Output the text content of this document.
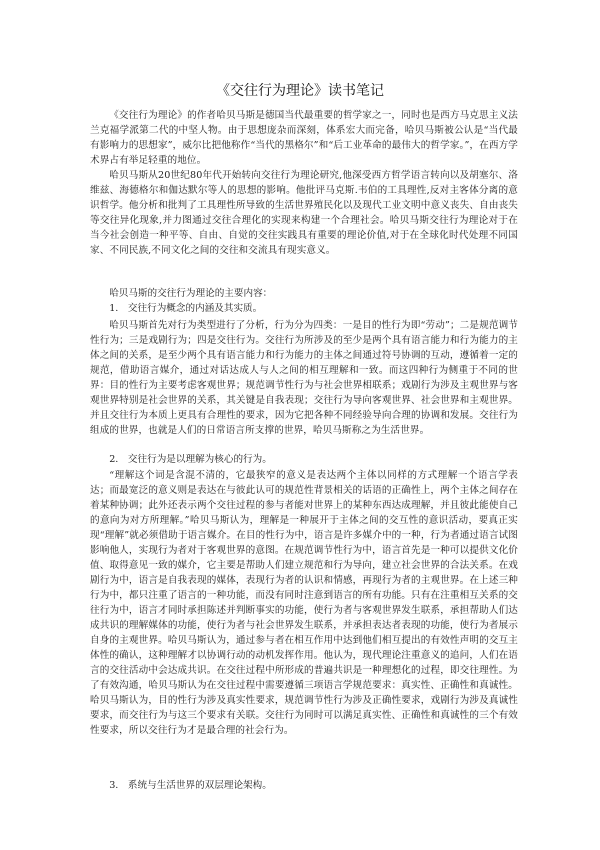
《交往行为理论》读书笔记

《交往行为理论》的作者哈贝马斯是德国当代最重要的哲学家之一，同时也是西方马克思主义法兰克福学派第二代的中坚人物。由于思想庞杂而深刻，体系宏大而完备，哈贝马斯被公认是“当代最有影响力的思想家”，威尔比把他称作“当代的黑格尔”和“后工业革命的最伟大的哲学家。”，在西方学术界占有举足轻重的地位。

哈贝马斯从20世纪80年代开始转向交往行为理论研究,他深受西方哲学语言转向以及胡塞尔、洛维兹、海德格尔和伽达默尔等人的思想的影响。他批评马克斯.韦伯的工具理性,反对主客体分离的意识哲学。他分析和批判了工具理性所导致的生活世界殖民化以及现代工业文明中意义丧失、自由丧失等交往异化现象,并力图通过交往合理化的实现来构建一个合理社会。哈贝马斯交往行为理论对于在当今社会创造一种平等、自由、自觉的交往实践具有重要的理论价值,对于在全球化时代处理不同国家、不同民族,不同文化之间的交往和交流具有现实意义。

哈贝马斯的交往行为理论的主要内容：

1.　交往行为概念的内涵及其实质。

哈贝马斯首先对行为类型进行了分析，行为分为四类：一是目的性行为即“劳动”；二是规范调节性行为；三是戏剧行为；四是交往行为。交往行为所涉及的至少是两个具有语言能力和行为能力的主体之间的关系，是至少两个具有语言能力和行为能力的主体之间通过符号协调的互动，遵循着一定的规范，借助语言媒介，通过对话达成人与人之间的相互理解和一致。而这四种行为侧重于不同的世界：目的性行为主要考虑客观世界；规范调节性行为与社会世界相联系；戏剧行为涉及主观世界与客观世界特别是社会世界的关系，其关键是自我表现；交往行为导向客观世界、社会世界和主观世界。并且交往行为本质上更具有合理性的要求，因为它把各种不同经验导向合理的协调和发展。交往行为组成的世界，也就是人们的日常语言所支撑的世界，哈贝马斯称之为生活世界。

2.　交往行为是以理解为核心的行为。

“理解这个词是含混不清的，它最狭窄的意义是表达两个主体以同样的方式理解一个语言学表达；而最宽泛的意义则是表达在与彼此认可的规范性背景相关的话语的正确性上，两个主体之间存在着某种协调；此外还表示两个交往过程的参与者能对世界上的某种东西达成理解，并且彼此能使自己的意向为对方所理解。”哈贝马斯认为，理解是一种展开于主体之间的交互性的意识活动，要真正实现“理解”就必须借助于语言媒介。在目的性行为中，语言是许多媒介中的一种，行为者通过语言试图影响他人，实现行为者对于客观世界的意图。在规范调节性行为中，语言首先是一种可以提供文化价值、取得意见一致的媒介，它主要是帮助人们建立规范和行为导向，建立社会世界的合法关系。在戏剧行为中，语言是自我表现的媒体，表现行为者的认识和情感，再现行为者的主观世界。在上述三种行为中，都只注重了语言的一种功能，而没有同时注意到语言的所有功能。只有在注重相互关系的交往行为中，语言才同时承担陈述并判断事实的功能，使行为者与客观世界发生联系，承担帮助人们达成共识的理解媒体的功能，使行为者与社会世界发生联系，并承担表达者表现的功能，使行为者展示自身的主观世界。哈贝马斯认为，通过参与者在相互作用中达到他们相互提出的有效性声明的交互主体性的确认，这种理解才以协调行动的动机发挥作用。他认为，现代理论注重意义的追问，人们在语言的交往活动中会达成共识。在交往过程中所形成的普遍共识是一种理想化的过程，即交往理性。为了有效沟通，哈贝马斯认为在交往过程中需要遵循三项语言学规范要求：真实性、正确性和真诚性。哈贝马斯认为，目的性行为涉及真实性要求，规范调节性行为涉及正确性要求，戏剧行为涉及真诚性要求，而交往行为与这三个要求有关联。交往行为同时可以满足真实性、正确性和真诚性的三个有效性要求，所以交往行为才是最合理的社会行为。

3.　系统与生活世界的双层理论架构。
